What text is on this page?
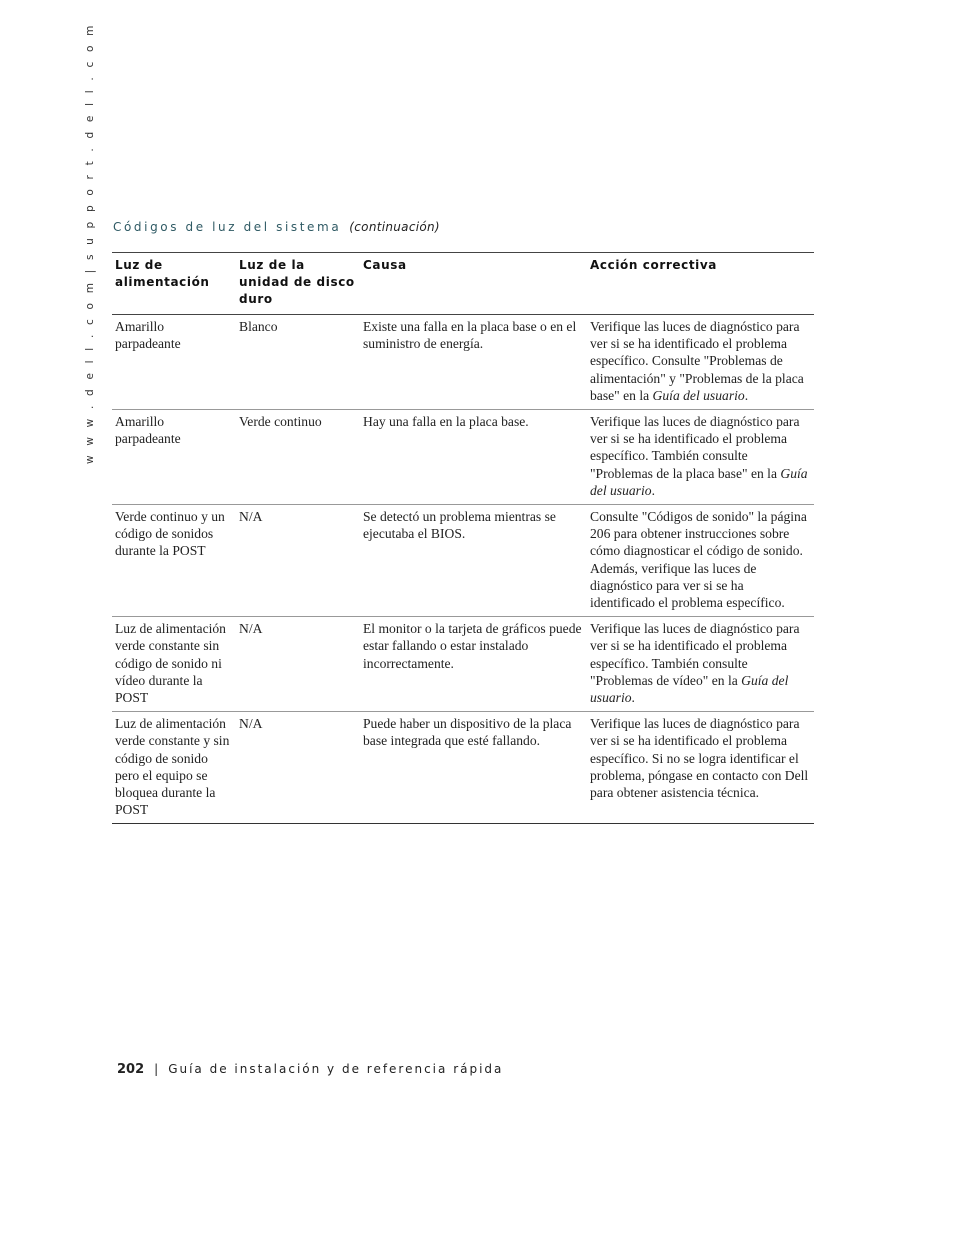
w w w . d e l l . c o m | s u p p o r t . d e l l . c o m Códigos de luz del sistema (continuación)
Luz de alimentación	Luz de la unidad de disco duro	Causa	Acción correctiva
Amarillo parpadeante	Blanco	Existe una falla en la placa base o en el suministro de energía.	Verifique las luces de diagnóstico para ver si se ha identificado el problema específico. Consulte "Problemas de alimentación" y "Problemas de la placa base" en la Guía del usuario.
Amarillo parpadeante	Verde continuo	Hay una falla en la placa base.	Verifique las luces de diagnóstico para ver si se ha identificado el problema específico. También consulte "Problemas de la placa base" en la Guía del usuario.
Verde continuo y un código de sonidos durante la POST	N/A	Se detectó un problema mientras se ejecutaba el BIOS.	Consulte "Códigos de sonido" la página 206 para obtener instrucciones sobre cómo diagnosticar el código de sonido. Además, verifique las luces de diagnóstico para ver si se ha identificado el problema específico.
Luz de alimentación verde constante sin código de sonido ni vídeo durante la POST	N/A	El monitor o la tarjeta de gráficos puede estar fallando o estar instalado incorrectamente.	Verifique las luces de diagnóstico para ver si se ha identificado el problema específico. También consulte "Problemas de vídeo" en la Guía del usuario.
Luz de alimentación verde constante y sin código de sonido pero el equipo se bloquea durante la POST	N/A	Puede haber un dispositivo de la placa base integrada que esté fallando.	Verifique las luces de diagnóstico para ver si se ha identificado el problema específico. Si no se logra identificar el problema, póngase en contacto con Dell para obtener asistencia técnica.
202 | Guía de instalación y de referencia rápida
